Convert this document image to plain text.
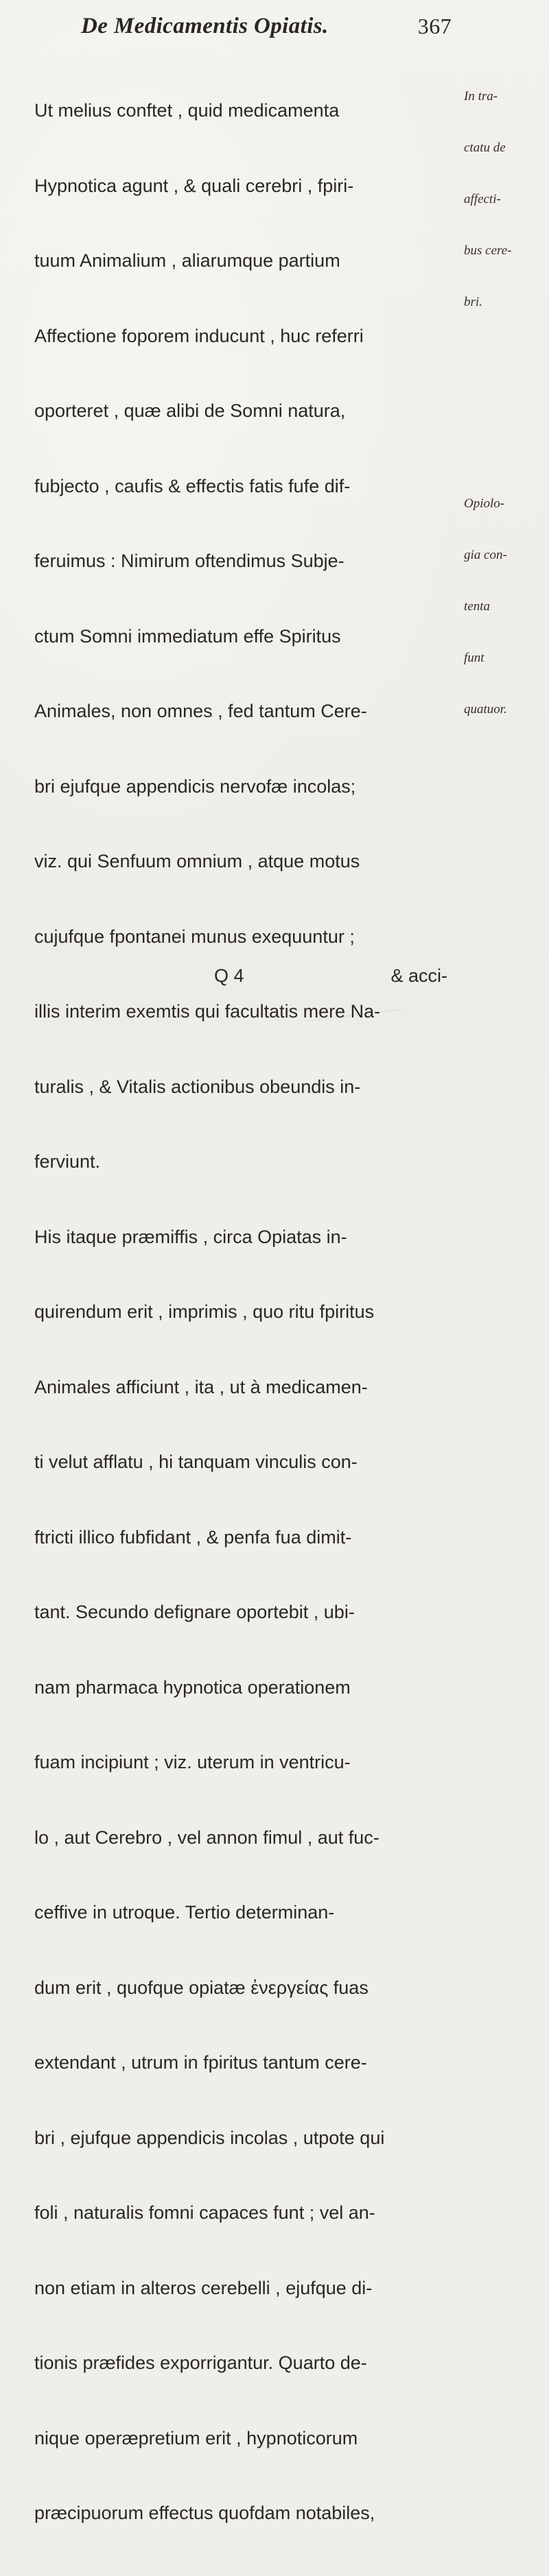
De Medicamentis Opiatis.	367

Ut melius conftet , quid medicamenta

Hypnotica agunt , & quali cerebri , fpiri-

tuum Animalium , aliarumque partium

Affectione foporem inducunt , huc referri

oporteret , quæ alibi de Somni natura,

fubjecto , caufis & effectis fatis fufe dif-

feruimus : Nimirum oftendimus Subje-

ctum Somni immediatum effe Spiritus

Animales, non omnes , fed tantum Cere-

bri ejufque appendicis nervofæ incolas;

viz. qui Senfuum omnium , atque motus

cujufque fpontanei munus exequuntur ;

illis interim exemtis qui facultatis mere Na-

turalis , & Vitalis actionibus obeundis in-

ferviunt.

His itaque præmiffis , circa Opiatas in-

quirendum erit , imprimis , quo ritu fpiritus

Animales afficiunt , ita , ut à medicamen-

ti velut afflatu , hi tanquam vinculis con-

ftricti illico fubfidant , & penfa fua dimit-

tant. Secundo defignare oportebit , ubi-

nam pharmaca hypnotica operationem

fuam incipiunt ; viz. uterum in ventricu-

lo , aut Cerebro , vel annon fimul , aut fuc-

ceffive in utroque. Tertio determinan-

dum erit , quofque opiatæ ἐνεργείας fuas

extendant , utrum in fpiritus tantum cere-

bri , ejufque appendicis incolas , utpote qui

foli , naturalis fomni capaces funt ; vel an-

non etiam in alteros cerebelli , ejufque di-

tionis præfides exporrigantur. Quarto de-

nique operæpretium erit , hypnoticorum

præcipuorum effectus quofdam notabiles,

In tra-

ctatu de

affecti-

bus cere-

bri.

Opiolo-

gia con-

tenta

funt

quatuor.

Q 4	& acci-
